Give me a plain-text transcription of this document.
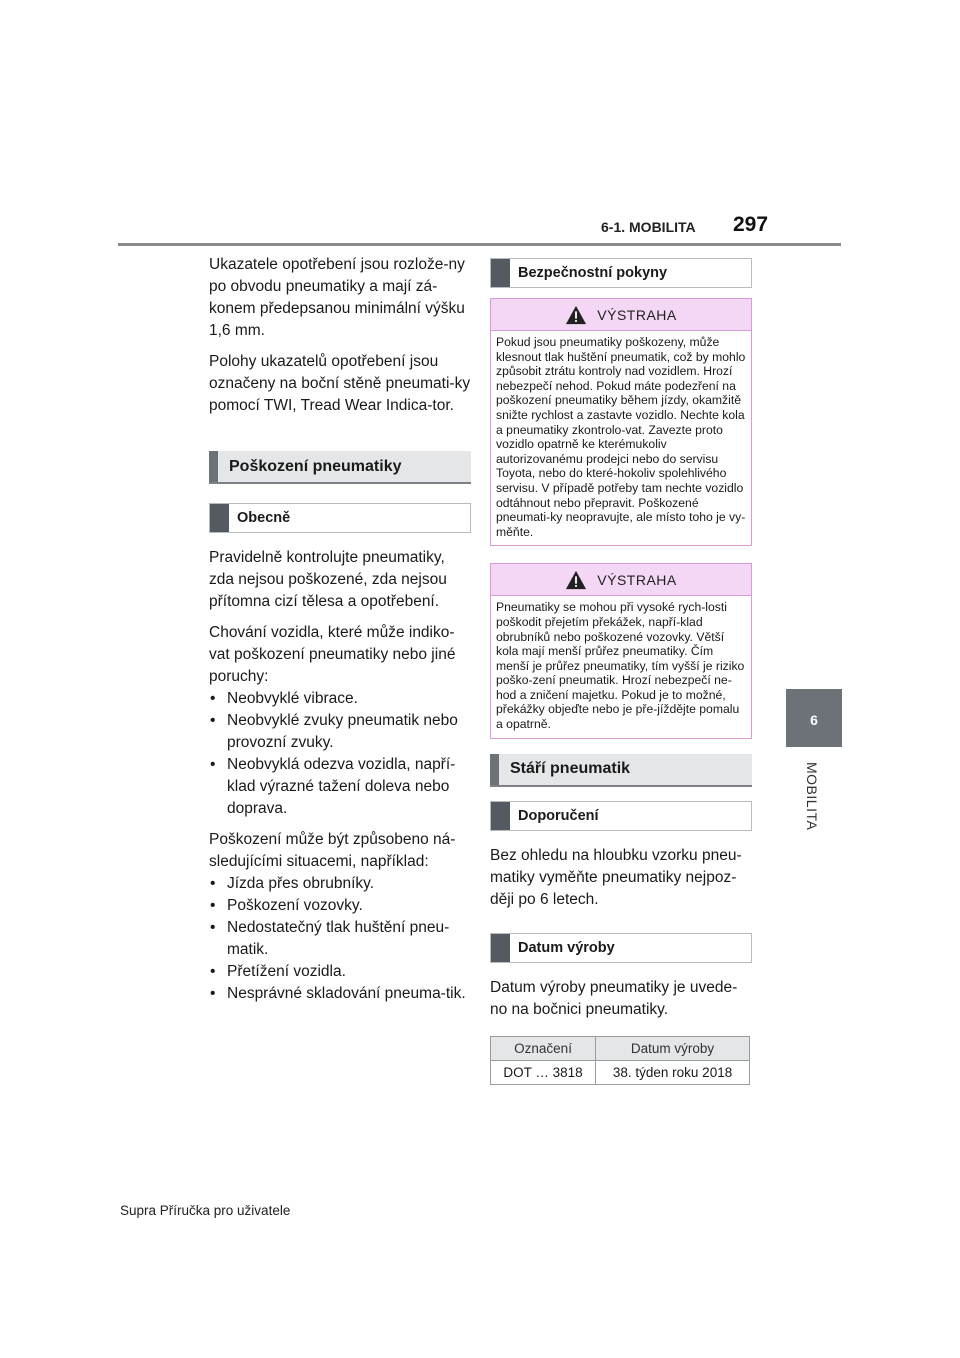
6-1. MOBILITA 297
6
MOBILITA

Ukazatele opotřebení jsou rozlože-ny po obvodu pneumatiky a mají zá-konem předepsanou minimální výšku 1,6 mm.

Polohy ukazatelů opotřebení jsou označeny na boční stěně pneumati-ky pomocí TWI, Tread Wear Indica-tor.

Poškození pneumatiky
Obecně

Pravidelně kontrolujte pneumatiky, zda nejsou poškozené, zda nejsou přítomna cizí tělesa a opotřebení.

Chování vozidla, které může indiko-vat poškození pneumatiky nebo jiné poruchy:

• Neobvyklé vibrace.
• Neobvyklé zvuky pneumatik nebo provozní zvuky.
• Neobvyklá odezva vozidla, napří-klad výrazné tažení doleva nebo doprava.

Poškození může být způsobeno ná-sledujícími situacemi, například:

• Jízda přes obrubníky.
• Poškození vozovky.
• Nedostatečný tlak huštění pneu-matik.
• Přetížení vozidla.
• Nesprávné skladování pneuma-tik.
Bezpečnostní pokyny
VÝSTRAHA
Pokud jsou pneumatiky poškozeny, může klesnout tlak huštění pneumatik, což by mohlo způsobit ztrátu kontroly nad vozidlem. Hrozí nebezpečí nehod. Pokud máte podezření na poškození pneumatiky během jízdy, okamžitě snižte rychlost a zastavte vozidlo. Nechte kola a pneumatiky zkontrolo-vat. Zavezte proto vozidlo opatrně ke kterémukoliv autorizovanému prodejci nebo do servisu Toyota, nebo do které-hokoliv spolehlivého servisu. V případě potřeby tam nechte vozidlo odtáhnout nebo přepravit. Poškozené pneumati-ky neopravujte, ale místo toho je vy-měňte.
VÝSTRAHA
Pneumatiky se mohou při vysoké rych-losti poškodit přejetím překážek, napří-klad obrubníků nebo poškozené vozovky. Větší kola mají menší průřez pneumatiky. Čím menší je průřez pneumatiky, tím vyšší je riziko poško-zení pneumatik. Hrozí nebezpečí ne-hod a zničení majetku. Pokud je to možné, překážky objeďte nebo je pře-jíždějte pomalu a opatrně.
Stáří pneumatik
Doporučení

Bez ohledu na hloubku vzorku pneu-matiky vyměňte pneumatiky nejpoz-ději po 6 letech.

Datum výroby

Datum výroby pneumatiky je uvede-no na bočnici pneumatiky.

Označení	Datum výroby
DOT … 3818	38. týden roku 2018
Supra Příručka pro uživatele
